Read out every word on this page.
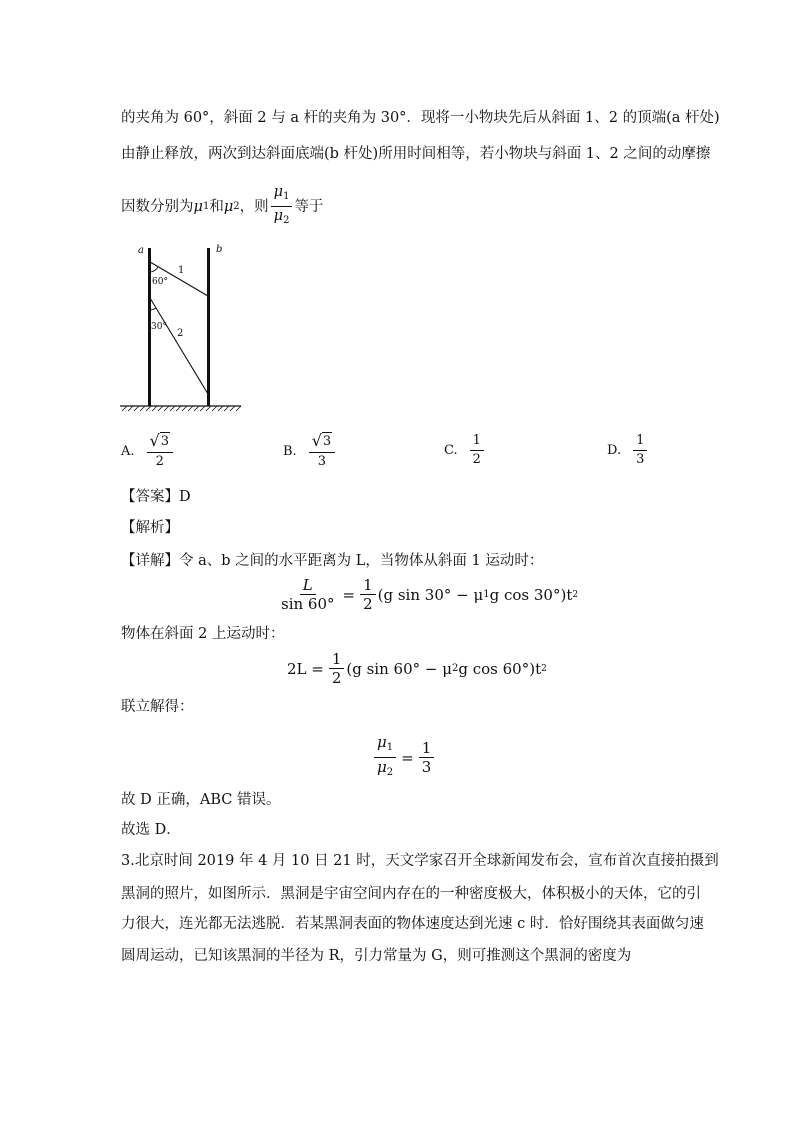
的夹角为 60°，斜面 2 与 a 杆的夹角为 30°．现将一小物块先后从斜面 1、2 的顶端(a 杆处)
由静止释放，两次到达斜面底端(b 杆处)所用时间相等，若小物块与斜面 1、2 之间的动摩擦
因数分别为 μ 1 和 μ 2 ，则 $\frac{\mu_1}{\mu_2}$ 等于
a	b
1
2
60°
30°
A. $\frac{√ 3}{2}$	B. $\frac{√ 3}{3}$	C. $\frac{1}{2}$	D. $\frac{1}{3}$
【答案】D
【解析】
【详解】令 a、b 之间的水平距离为 L，当物体从斜面 1 运动时：
$\frac{L}{\sin 60^\circ} = \frac{1}{2} (g$ sin 30° − μ 1 g cos 30°)t 2
物体在斜面 2 上运动时：
$2L = \frac{1}{2} (g$ sin 60° − μ 2 g cos 60°)t 2
联立解得：
$\frac{\mu_1}{\mu_2} = \frac{1}{3}$
故 D 正确，ABC 错误。
故选 D．
3.北京时间 2019 年 4 月 10 日 21 时，天文学家召开全球新闻发布会，宣布首次直接拍摄到
黑洞的照片，如图所示．黑洞是宇宙空间内存在的一种密度极大，体积极小的天体，它的引
力很大，连光都无法逃脱．若某黑洞表面的物体速度达到光速 c 时．恰好围绕其表面做匀速
圆周运动，已知该黑洞的半径为 R，引力常量为 G，则可推测这个黑洞的密度为
